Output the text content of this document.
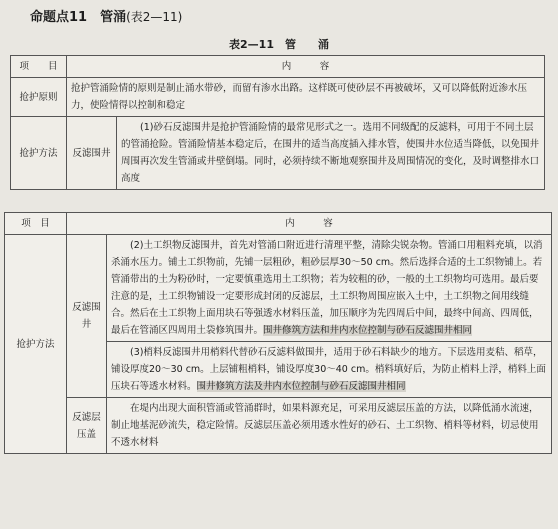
命题点11　管涌(表2—11)
表2—11　管　　涌
项　　目	内　　　容	
抢护原则	抢护管涌险情的原则是制止涌水带砂，而留有渗水出路。这样既可使砂层不再被破坏，又可以降低附近渗水压力，使险情得以控制和稳定	
抢护方法	反滤围井	(1)砂石反滤围井是抢护管涌险情的最常见形式之一。选用不同级配的反滤料，可用于不同土层的管涌抢险。管涌险情基本稳定后，在围井的适当高度插入排水管，使围井水位适当降低，以免围井周围再次发生管涌或井壁倒塌。同时，必须持续不断地观察围井及周围情况的变化，及时调整排水口高度
项　目	内　　　容	
抢护方法	反滤围井	(2)土工织物反滤围井，首先对管涌口附近进行清理平整，清除尖锐杂物。管涌口用粗料充填，以消杀涌水压力。铺土工织物前，先铺一层粗砂，粗砂层厚30～50 cm。然后选择合适的土工织物铺上。若管涌带出的土为粉砂时，一定要慎重选用土工织物；若为较粗的砂，一般的土工织物均可选用。最后要注意的是，土工织物铺设一定要形成封闭的反滤层，土工织物周围应嵌入土中，土工织物之间用线缝合。然后在土工织物上面用块石等强透水材料压盖，加压顺序为先四周后中间，最终中间高、四周低，最后在管涌区四周用土袋修筑围井。围井修筑方法和井内水位控制与砂石反滤围井相同
		(3)梢料反滤围井用梢料代替砂石反滤料做围井，适用于砂石料缺少的地方。下层选用麦秸、稻草，铺设厚度20～30 cm。上层铺粗梢料，铺设厚度30～40 cm。梢料填好后，为防止梢料上浮，梢料上面压块石等透水材料。围井修筑方法及井内水位控制与砂石反滤围井相同
	反滤层压盖	在堤内出现大面积管涌或管涌群时，如果料源充足，可采用反滤层压盖的方法，以降低涌水流速，制止地基泥砂流失，稳定险情。反滤层压盖必须用透水性好的砂石、土工织物、梢料等材料，切忌使用不透水材料
